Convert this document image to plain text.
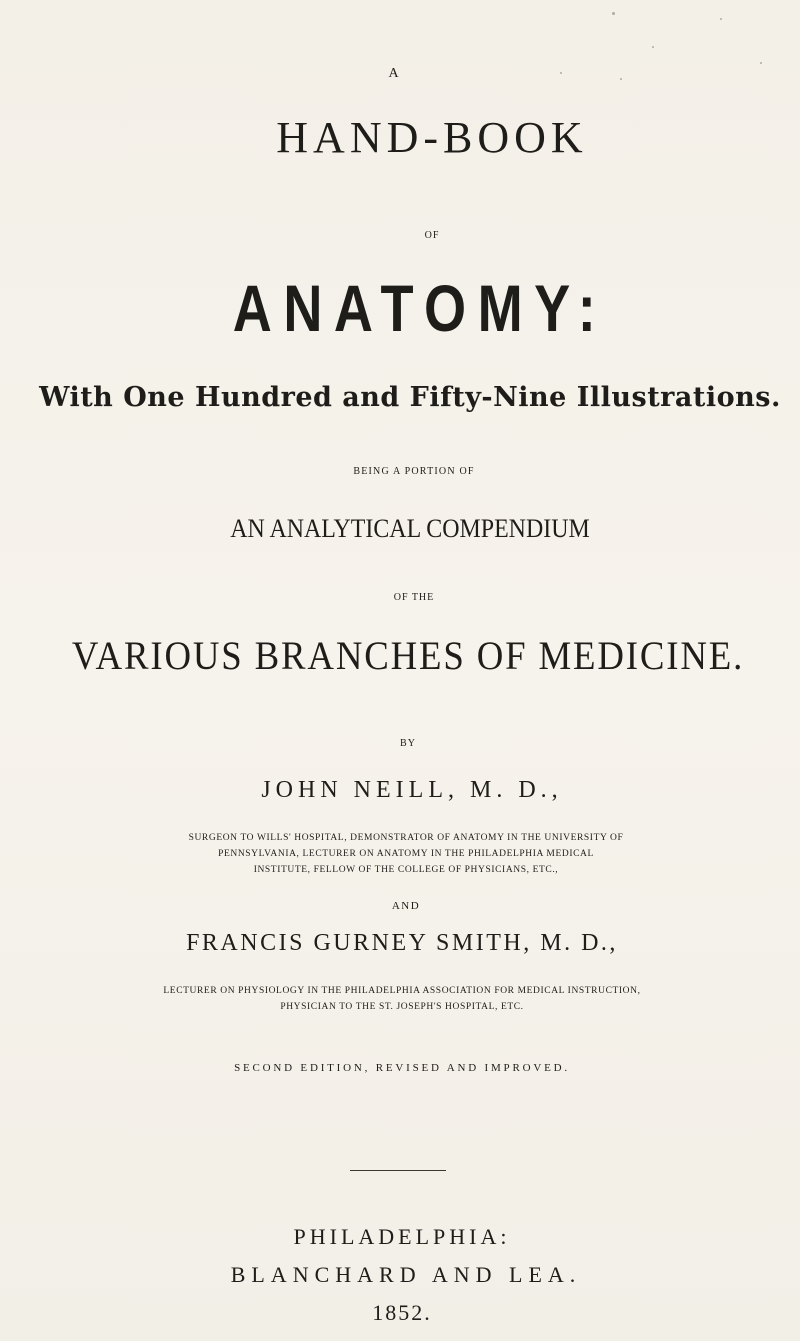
A
HAND-BOOK
OF
ANATOMY:
With One Hundred and Fifty-Nine Illustrations.
BEING A PORTION OF
AN ANALYTICAL COMPENDIUM
OF THE
VARIOUS BRANCHES OF MEDICINE.
BY
JOHN NEILL, M. D.,
SURGEON TO WILLS' HOSPITAL, DEMONSTRATOR OF ANATOMY IN THE UNIVERSITY OF
PENNSYLVANIA, LECTURER ON ANATOMY IN THE PHILADELPHIA MEDICAL
INSTITUTE, FELLOW OF THE COLLEGE OF PHYSICIANS, ETC.,
AND
FRANCIS GURNEY SMITH, M. D.,
LECTURER ON PHYSIOLOGY IN THE PHILADELPHIA ASSOCIATION FOR MEDICAL INSTRUCTION,
PHYSICIAN TO THE ST. JOSEPH'S HOSPITAL, ETC.
SECOND EDITION, REVISED AND IMPROVED.
PHILADELPHIA:
BLANCHARD AND LEA.
1852.
